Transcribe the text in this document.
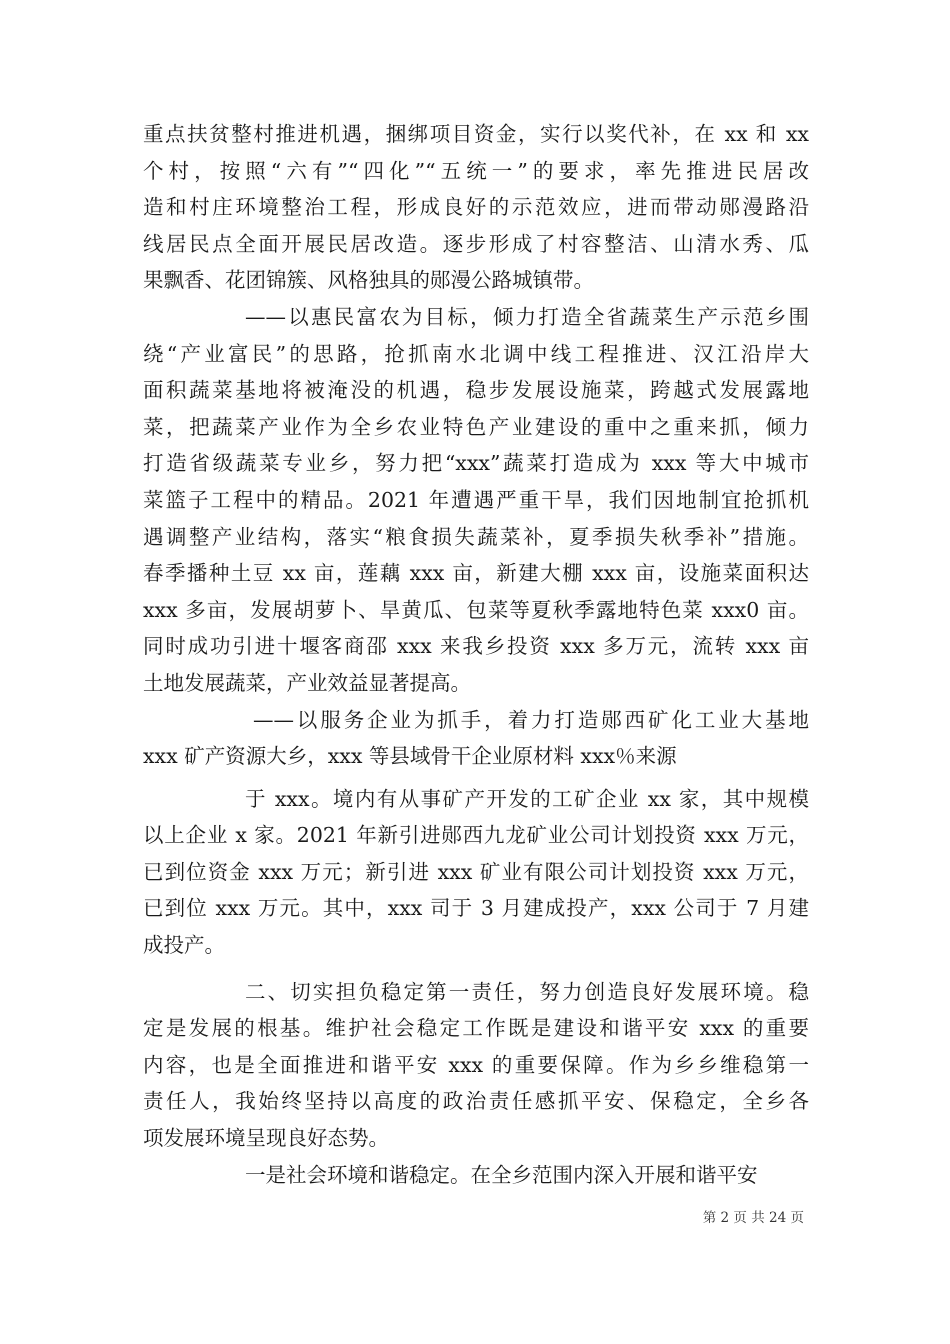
重点扶贫整村推进机遇，捆绑项目资金，实行以奖代补，在 xx 和 xx
个村，按照“六有”“四化”“五统一”的要求，率先推进民居改
造和村庄环境整治工程，形成良好的示范效应，进而带动郧漫路沿
线居民点全面开展民居改造。逐步形成了村容整洁、山清水秀、瓜
果飘香、花团锦簇、风格独具的郧漫公路城镇带。
——以惠民富农为目标，倾力打造全省蔬菜生产示范乡围
绕“产业富民”的思路，抢抓南水北调中线工程推进、汉江沿岸大
面积蔬菜基地将被淹没的机遇，稳步发展设施菜，跨越式发展露地
菜，把蔬菜产业作为全乡农业特色产业建设的重中之重来抓，倾力
打造省级蔬菜专业乡，努力把“xxx”蔬菜打造成为 xxx 等大中城市
菜篮子工程中的精品。2021 年遭遇严重干旱，我们因地制宜抢抓机
遇调整产业结构，落实“粮食损失蔬菜补，夏季损失秋季补”措施。
春季播种土豆 xx 亩，莲藕 xxx 亩，新建大棚 xxx 亩，设施菜面积达
xxx 多亩，发展胡萝卜、旱黄瓜、包菜等夏秋季露地特色菜 xxx0 亩。
同时成功引进十堰客商邵 xxx 来我乡投资 xxx 多万元，流转 xxx 亩
土地发展蔬菜，产业效益显著提高。
——以服务企业为抓手，着力打造郧西矿化工业大基地
xxx 矿产资源大乡，xxx 等县域骨干企业原材料 xxx％来源
于 xxx。境内有从事矿产开发的工矿企业 xx 家，其中规模
以上企业 x 家。2021 年新引进郧西九龙矿业公司计划投资 xxx 万元，
已到位资金 xxx 万元；新引进 xxx 矿业有限公司计划投资 xxx 万元，
已到位 xxx 万元。其中，xxx 司于 3 月建成投产，xxx 公司于 7 月建
成投产。
二、切实担负稳定第一责任，努力创造良好发展环境。稳
定是发展的根基。维护社会稳定工作既是建设和谐平安 xxx 的重要
内容，也是全面推进和谐平安 xxx 的重要保障。作为乡乡维稳第一
责任人，我始终坚持以高度的政治责任感抓平安、保稳定，全乡各
项发展环境呈现良好态势。
一是社会环境和谐稳定。在全乡范围内深入开展和谐平安
第 2 页 共 24 页
